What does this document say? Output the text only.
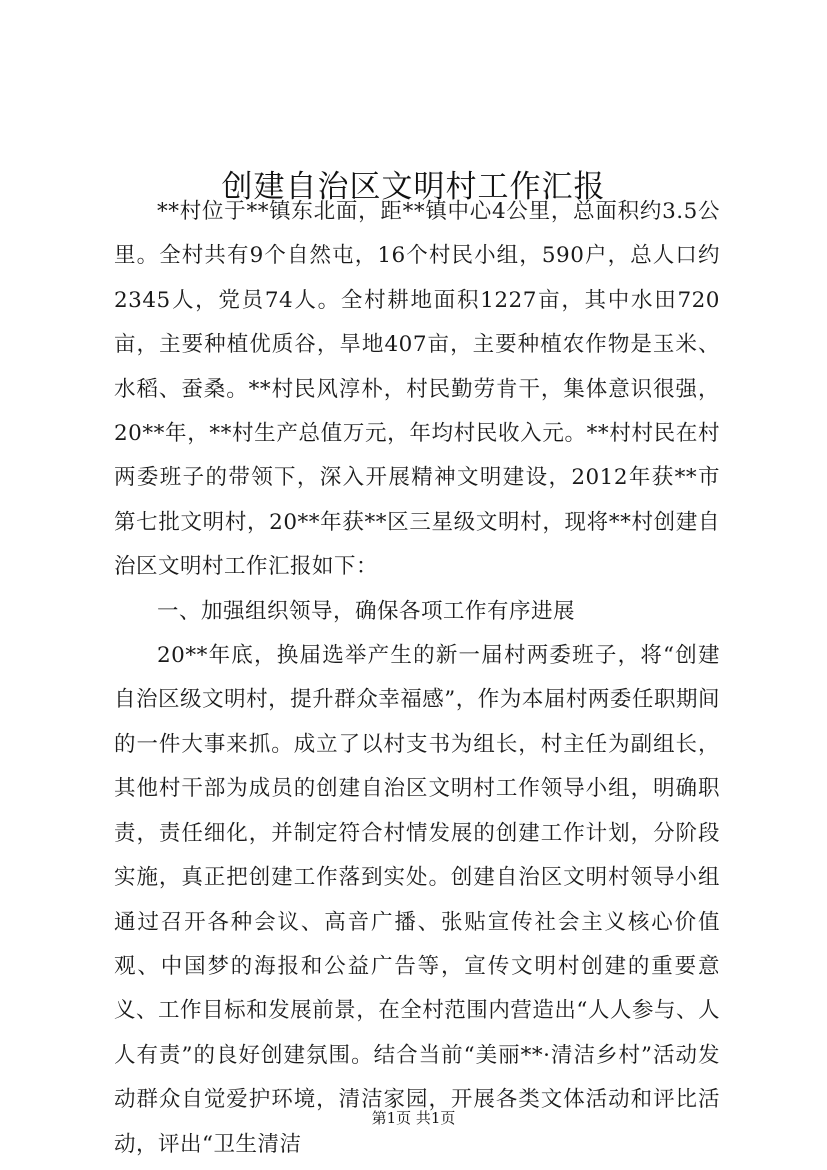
创建自治区文明村工作汇报

**村位于**镇东北面，距**镇中心4公里，总面积约3.5公里。全村共有9个自然屯，16个村民小组，590户，总人口约2345人，党员74人。全村耕地面积1227亩，其中水田720亩，主要种植优质谷，旱地407亩，主要种植农作物是玉米、水稻、蚕桑。**村民风淳朴，村民勤劳肯干，集体意识很强，20**年，**村生产总值万元，年均村民收入元。**村村民在村两委班子的带领下，深入开展精神文明建设，2012年获**市第七批文明村，20**年获**区三星级文明村，现将**村创建自治区文明村工作汇报如下：

一、加强组织领导，确保各项工作有序进展

20**年底，换届选举产生的新一届村两委班子，将“创建自治区级文明村，提升群众幸福感”，作为本届村两委任职期间的一件大事来抓。成立了以村支书为组长，村主任为副组长，其他村干部为成员的创建自治区文明村工作领导小组，明确职责，责任细化，并制定符合村情发展的创建工作计划，分阶段实施，真正把创建工作落到实处。创建自治区文明村领导小组通过召开各种会议、高音广播、张贴宣传社会主义核心价值观、中国梦的海报和公益广告等，宣传文明村创建的重要意义、工作目标和发展前景，在全村范围内营造出“人人参与、人人有责”的良好创建氛围。结合当前“美丽**·清洁乡村”活动发动群众自觉爱护环境，清洁家园，开展各类文体活动和评比活动，评出“卫生清洁

第1页 共1页
